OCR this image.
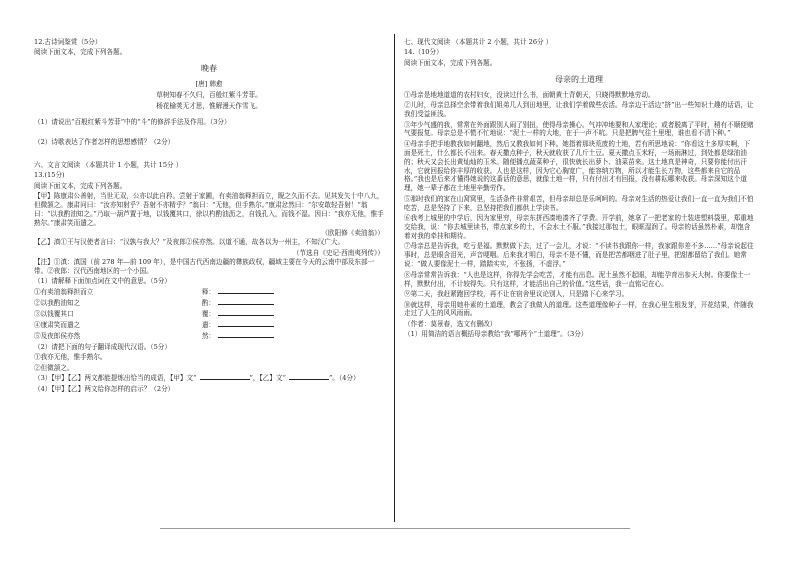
12.古诗词鉴赏（5分）
阅读下面文本，完成下列各题。
晚春
[唐] 韩愈
草树知春不久归，百般红紫斗芳菲。
杨花榆荚无才思，惟解漫天作雪飞。
（1）请说出“百般红紫斗芳菲”中的“斗”的修辞手法及作用。（3分）
（2）诗歌表达了作者怎样的思想感情？（2分）
六、文言文阅读 （本题共计 1 小题，共计 15分 ）
13.(15分)
阅读下面文本，完成下列各题。
【甲】陈康肃公善射，当世无双，公亦以此自矜。尝射于家圃，有卖油翁释担而立，睨之久而不去。见其发矢十中八九，但微颔之。康肃问曰：“汝亦知射乎？吾射不亦精乎？”翁曰：“无他，但手熟尔。”康肃忿然曰：“尔安敢轻吾射！”翁曰：“以我酌油知之。”乃取一葫芦置于地，以钱覆其口，徐以杓酌油沥之，自钱孔入，而钱不湿。因曰：“我亦无他，惟手熟尔。”康肃笑而遣之。
（欧阳修《卖油翁》）
【乙】滇①王与汉使者言曰：“汉孰与我大？”及夜郎②侯亦然。以道不通，故各以为一州主，不知汉广大。
（节选自《史记·西南夷列传》）
【注】①滇：滇国（前 278 年—前 109 年），是中国古代西南边疆的彝族政权，疆域主要在今天的云南中部及东部一带。②夜郎：汉代西南地区的一个小国。
（1）请解释下面加点词在文中的意思。（5分）
①有卖油翁释担而立	释：
②以我酌油知之	酌：
③以钱覆其口	覆：
④康肃笑而遣之	遣：
⑤及夜郎侯亦然	然：
（2）请把下面的句子翻译成现代汉语。（5分）
①我亦无他，惟手熟尔。
②但微颔之。
（3）【甲】【乙】两文都能提炼出恰当的成语，【甲】文“	”，【乙】文“	”。（4分）
（4）【甲】【乙】两文给你怎样的启示？（2分）
七、现代文阅读 （本题共计 2 小题，共计 26分 ）
14.（10分）
阅读下面文本，完成下列各题。
母亲的土道理
①母亲是地地道道的农村妇女，没读过什么书，面朝黄土背朝天，只晓得默默地劳动。
②儿时，母亲总择空余带着我们姐弟几人到田地里，让我们学着做些农活。母亲边干活边“挤”出一些知识土趣的话语，让我们受益匪浅。
③年少气盛的我，常常在外面跟别人闹了别扭，使得母亲操心。气冲冲地要和人家理论；或者脱离了平时，稍有不顺便赌气要报复。母亲总是不慌不忙地说：“泥土一样的大地，在于一声不吭。只是把脾气往土里埋，谁也看不清下种。”
④母亲手把手地教我如何翻地，然后又教我如何下种。她指着那块荒废的土地，若有所思地说：“你看这土多厚实啊，下面是死土，什么都长不出来。春天撒点种子，秋天就收获了几斤土豆。夏天撒点玉米籽，一场雨淋过，到处都是绿油油的；秋天又会长出黄灿灿的玉米。随便播点蔬菜种子，很快就长出萝卜、油菜苗来。这土地真是神奇，只要你能付出汗水，它就回报给你丰厚的收获。人也是这样，因为它心胸宽广，能容纳万物，所以才能生长万物，这些都来自它的品格。”我也是后来才懂得她说的这番话的意思，就像土地一样，只有付出才有回报，没有耕耘哪来收获。母亲深知这个道理，她一辈子都在土地里辛勤劳作。
⑤那时我们的家在山窝窝里，生活条件非常艰苦，但母亲却总是乐呵呵的。母亲对生活的热爱让我们一直一直为我们不怕吃苦，总是坚持了下来，总坚持把我们都供上学读书。
⑥我考上城里的中学后，因为家里穷，母亲东拼西凑地凑齐了学费。开学前，她拿了一把老家的土装进塑料袋里，郑重地交给我，说：“你去城里读书，带点家乡的土，不会水土不服。”我接过那包土，眼眶湿润了。母亲的话虽然朴素，却饱含着对我的牵挂和期待。
⑦母亲总是告诉我，吃亏是福。默默做下去，过了一会儿，才说：“不读书我跟你一样，我家跟你差不多……”母亲说起往事时，总是眼含泪光，声音哽咽。后来我才明白，母亲不是不懂，而是把苦都咽进了肚子里，把甜都留给了我们。她常说：“做人要像泥土一样，踏踏实实，不张扬，不虚浮。”
⑧母亲常常告诉我：“人也是这样，你得先学会吃苦，才能有出息。泥土虽然不起眼，却能孕育出参天大树。你要像土一样，默默付出，不计较得失。只有这样，才能活出自己的价值。”这些话，我一直铭记在心。
⑨第二天，我赶紧跑回学校，再不让在宿舍里议论别人，只是踏下心来学习。
⑩就这样，母亲用她朴素的土道理，教会了我做人的道理。这些道理像种子一样，在我心里生根发芽，开花结果，伴随我走过了人生的风风雨雨。
（作者：莫景春，选文有删改）
（1）用简洁的语言概括母亲教给“我”哪两个“土道理”。（3分）
